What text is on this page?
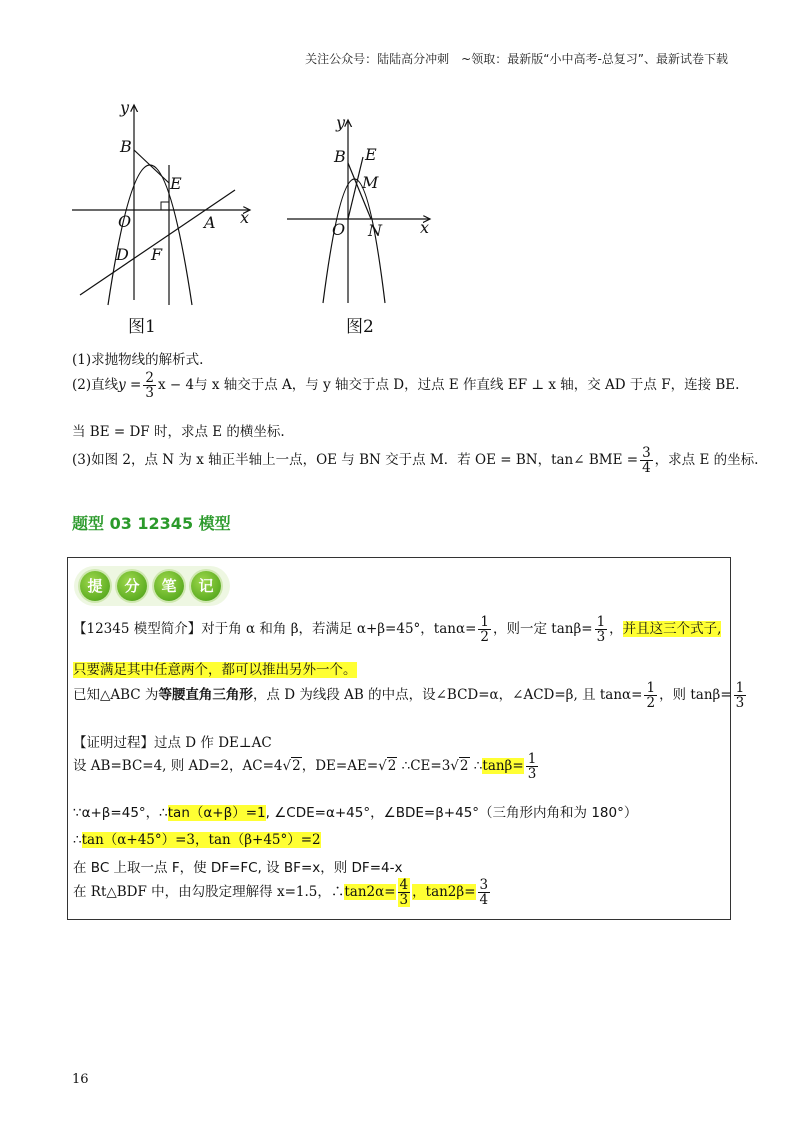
关注公众号：陆陆高分冲刺　~领取：最新版“小中高考-总复习”、最新试卷下载
y
x
B
E
O	A
D F
图1
y
x
B E
M
O N
图2
(1)求抛物线的解析式.
(2)直线$y = \frac{2}{3}$ x − 4与 x 轴交于点 A，与 y 轴交于点 D，过点 E 作直线 EF ⊥ x 轴，交 AD 于点 F，连接 BE.
当 BE = DF 时，求点 E 的横坐标.
(3)如图 2，点 N 为 x 轴正半轴上一点，OE 与 BN 交于点 M．若 OE = BN，tan∠ BME = $\frac{3}{4}$ ，求点 E 的坐标.
题型 03 12345 模型
提	分	笔	记
【12345 模型简介】对于角 α 和角 β，若满足 α+β=45°，$\tan\alpha= \frac{1}{2}$ ，则一定 $\tan\beta= \frac{1}{3}$ ，并且这三个式子,
只要满足其中任意两个，都可以推出另外一个。
已知△ABC 为等腰直角三角形，点 D 为线段 AB 的中点，设∠BCD=α，∠ACD=β, 且 $\tan\alpha= \frac{1}{2}$ ，则 $\tan\beta= \frac{1}{3}$
【证明过程】过点 D 作 DE⊥AC
设 AB=BC=4, 则 AD=2，AC=4√2，DE=AE=√2 ∴CE=3√2 ∴tanβ= $\frac{1}{3}$
∵α+β=45°，∴tan（α+β）=1, ∠CDE=α+45°，∠BDE=β+45°（三角形内角和为 180°）
∴tan（α+45°）=3，tan（β+45°）=2
在 BC 上取一点 F，使 DF=FC, 设 BF=x，则 DF=4-x
在 Rt△BDF 中，由勾股定理解得 x=1.5，∴tan2α= $\frac{4}{3}$ ，$\tan 2\beta= \frac{3}{4}$
16
